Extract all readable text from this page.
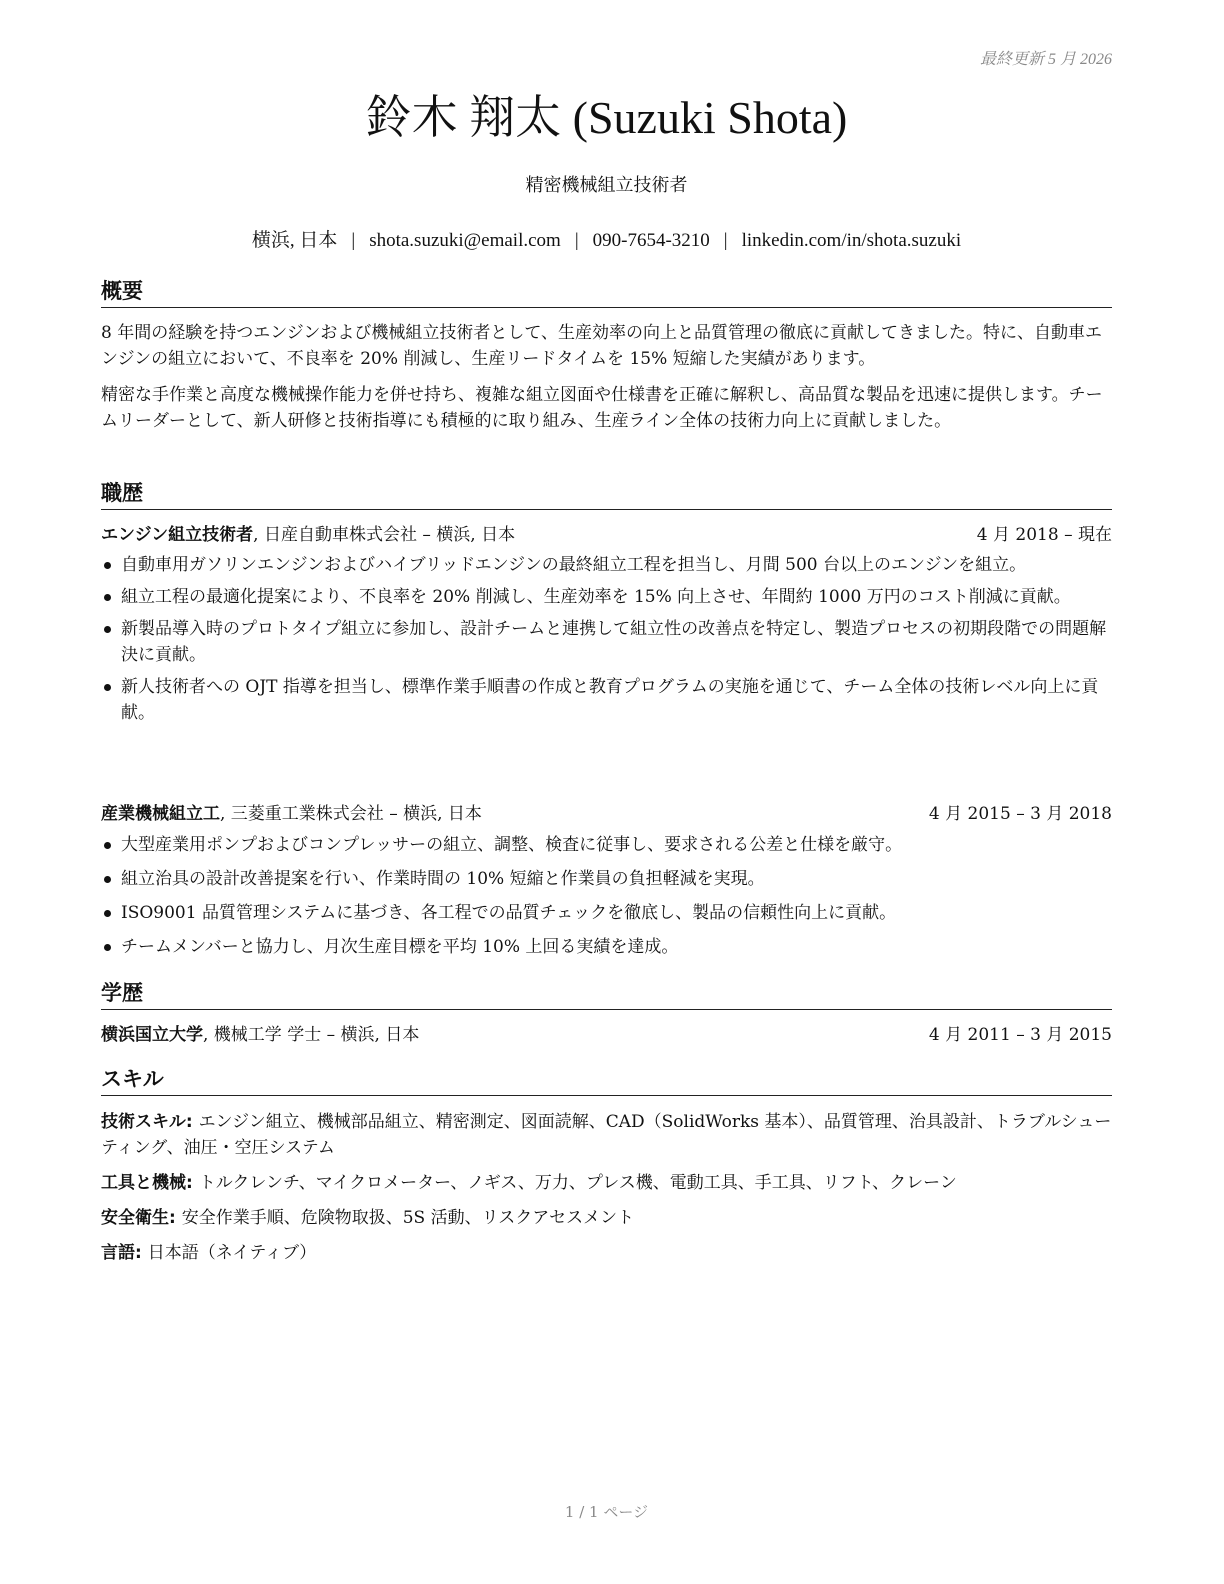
最終更新 5 月 2026
鈴木 翔太 (Suzuki Shota)
精密機械組立技術者
横浜, 日本 | shota.suzuki@email.com | 090-7654-3210 | linkedin.com/in/shota.suzuki
概要

8 年間の経験を持つエンジンおよび機械組立技術者として、生産効率の向上と品質管理の徹底に貢献してきました。特に、自動車エンジンの組立において、不良率を 20% 削減し、生産リードタイムを 15% 短縮した実績があります。

精密な手作業と高度な機械操作能力を併せ持ち、複雑な組立図面や仕様書を正確に解釈し、高品質な製品を迅速に提供します。チームリーダーとして、新人研修と技術指導にも積極的に取り組み、生産ライン全体の技術力向上に貢献しました。

職歴
エンジン組立技術者, 日産自動車株式会社 – 横浜, 日本	4 月 2018 – 現在
自動車用ガソリンエンジンおよびハイブリッドエンジンの最終組立工程を担当し、月間 500 台以上のエンジンを組立。
組立工程の最適化提案により、不良率を 20% 削減し、生産効率を 15% 向上させ、年間約 1000 万円のコスト削減に貢献。
新製品導入時のプロトタイプ組立に参加し、設計チームと連携して組立性の改善点を特定し、製造プロセスの初期段階での問題解決に貢献。
新人技術者への OJT 指導を担当し、標準作業手順書の作成と教育プログラムの実施を通じて、チーム全体の技術レベル向上に貢献。
産業機械組立工, 三菱重工業株式会社 – 横浜, 日本	4 月 2015 – 3 月 2018
大型産業用ポンプおよびコンプレッサーの組立、調整、検査に従事し、要求される公差と仕様を厳守。
組立治具の設計改善提案を行い、作業時間の 10% 短縮と作業員の負担軽減を実現。
ISO9001 品質管理システムに基づき、各工程での品質チェックを徹底し、製品の信頼性向上に貢献。
チームメンバーと協力し、月次生産目標を平均 10% 上回る実績を達成。
学歴
横浜国立大学, 機械工学 学士 – 横浜, 日本	4 月 2011 – 3 月 2015
スキル
技術スキル: エンジン組立、機械部品組立、精密測定、図面読解、CAD（SolidWorks 基本）、品質管理、治具設計、トラブルシューティング、油圧・空圧システム
工具と機械: トルクレンチ、マイクロメーター、ノギス、万力、プレス機、電動工具、手工具、リフト、クレーン
安全衛生: 安全作業手順、危険物取扱、5S 活動、リスクアセスメント
言語: 日本語（ネイティブ）
1 / 1 ページ
